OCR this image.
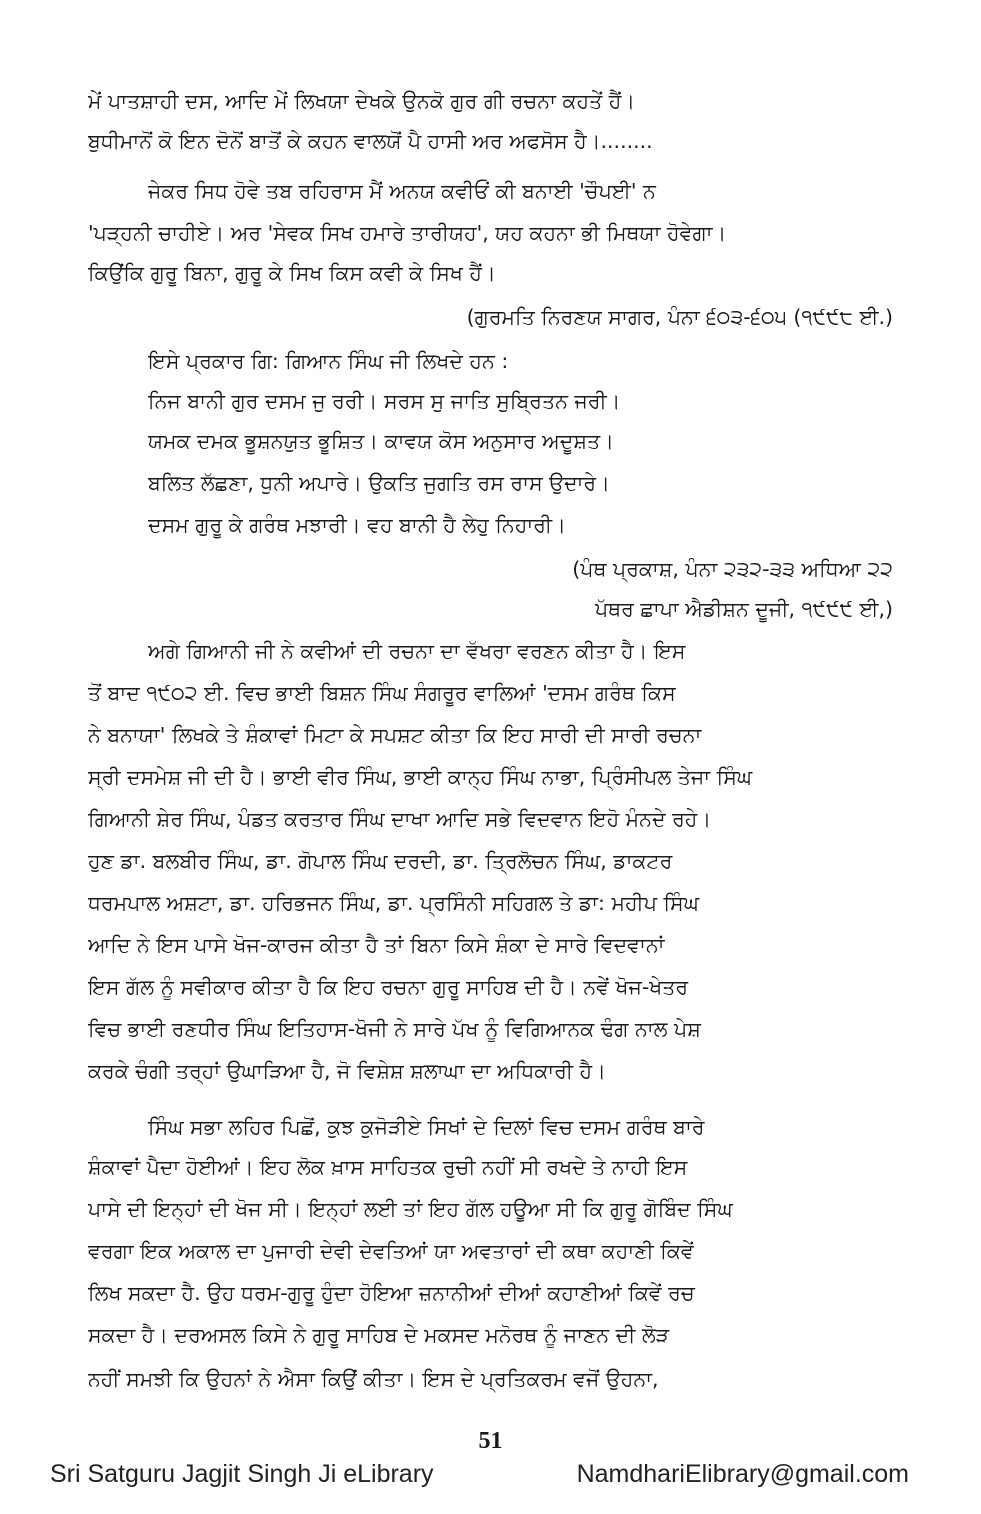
ਮੇਂ ਪਾਤਸ਼ਾਹੀ ਦਸ, ਆਦਿ ਮੇਂ ਲਿਖਯਾ ਦੇਖਕੇ ਉਨਕੋ ਗੁਰ ਗੀ ਰਚਨਾ ਕਹਤੇਂ ਹੈਂ।
ਬੁਧੀਮਾਨੋਂ ਕੋ ਇਨ ਦੋਨੋਂ ਬਾਤੋਂ ਕੇ ਕਹਨ ਵਾਲਯੋਂ ਪੈ ਹਾਸੀ ਅਰ ਅਫਸੋਸ ਹੈ।........
ਜੇਕਰ ਸਿਧ ਹੋਵੇ ਤਬ ਰਹਿਰਾਸ ਮੈਂ ਅਨਯ ਕਵੀਓਂ ਕੀ ਬਨਾਈ 'ਚੌਪਈ' ਨ
'ਪੜ੍ਹਨੀ ਚਾਹੀਏ। ਅਰ 'ਸੇਵਕ ਸਿਖ ਹਮਾਰੇ ਤਾਰੀਯਹ', ਯਹ ਕਹਨਾ ਭੀ ਮਿਥਯਾ ਹੋਵੇਗਾ।
ਕਿਉਂਕਿ ਗੁਰੂ ਬਿਨਾ, ਗੁਰੂ ਕੇ ਸਿਖ ਕਿਸ ਕਵੀ ਕੇ ਸਿਖ ਹੈਂ।
(ਗੁਰਮਤਿ ਨਿਰਣਯ ਸਾਗਰ, ਪੰਨਾ ੬੦੩-੬੦੫ (੧੯੯੮ ਈ.)
ਇਸੇ ਪ੍ਰਕਾਰ ਗਿ: ਗਿਆਨ ਸਿੰਘ ਜੀ ਲਿਖਦੇ ਹਨ :
ਨਿਜ ਬਾਨੀ ਗੁਰ ਦਸਮ ਜੁ ਰਰੀ। ਸਰਸ ਸੁ ਜਾਤਿ ਸੁਬ੍ਰਿਤਨ ਜਰੀ।
ਯਮਕ ਦਮਕ ਭੂਸ਼ਨਯੁਤ ਭੂਸ਼ਿਤ। ਕਾਵਯ ਕੋਸ ਅਨੁਸਾਰ ਅਦੂਸ਼ਤ।
ਬਲਿਤ ਲੱਛਣਾ, ਧੁਨੀ ਅਪਾਰੇ। ਉਕਤਿ ਜੁਗਤਿ ਰਸ ਰਾਸ ਉਦਾਰੇ।
ਦਸਮ ਗੁਰੂ ਕੇ ਗਰੰਥ ਮਝਾਰੀ। ਵਹ ਬਾਨੀ ਹੈ ਲੇਹੁ ਨਿਹਾਰੀ।
(ਪੰਥ ਪ੍ਰਕਾਸ਼, ਪੰਨਾ ੨੩੨-੩੩ ਅਧਿਆ ੨੨
ਪੱਥਰ ਛਾਪਾ ਐਡੀਸ਼ਨ ਦੂਜੀ, ੧੯੯੯ ਈ,)
ਅਗੇ ਗਿਆਨੀ ਜੀ ਨੇ ਕਵੀਆਂ ਦੀ ਰਚਨਾ ਦਾ ਵੱਖਰਾ ਵਰਣਨ ਕੀਤਾ ਹੈ। ਇਸ
ਤੋਂ ਬਾਦ ੧੯੦੨ ਈ. ਵਿਚ ਭਾਈ ਬਿਸ਼ਨ ਸਿੰਘ ਸੰਗਰੂਰ ਵਾਲਿਆਂ 'ਦਸਮ ਗਰੰਥ ਕਿਸ
ਨੇ ਬਨਾਯਾ' ਲਿਖਕੇ ਤੇ ਸ਼ੰਕਾਵਾਂ ਮਿਟਾ ਕੇ ਸਪਸ਼ਟ ਕੀਤਾ ਕਿ ਇਹ ਸਾਰੀ ਦੀ ਸਾਰੀ ਰਚਨਾ
ਸ੍ਰੀ ਦਸਮੇਸ਼ ਜੀ ਦੀ ਹੈ। ਭਾਈ ਵੀਰ ਸਿੰਘ, ਭਾਈ ਕਾਨ੍ਹ ਸਿੰਘ ਨਾਭਾ, ਪ੍ਰਿੰਸੀਪਲ ਤੇਜਾ ਸਿੰਘ
ਗਿਆਨੀ ਸ਼ੇਰ ਸਿੰਘ, ਪੰਡਤ ਕਰਤਾਰ ਸਿੰਘ ਦਾਖਾ ਆਦਿ ਸਭੇ ਵਿਦਵਾਨ ਇਹੋ ਮੰਨਦੇ ਰਹੇ।
ਹੁਣ ਡਾ. ਬਲਬੀਰ ਸਿੰਘ, ਡਾ. ਗੋਪਾਲ ਸਿੰਘ ਦਰਦੀ, ਡਾ. ਤ੍ਰਿਲੋਚਨ ਸਿੰਘ, ਡਾਕਟਰ
ਧਰਮਪਾਲ ਅਸ਼ਟਾ, ਡਾ. ਹਰਿਭਜਨ ਸਿੰਘ, ਡਾ. ਪ੍ਰਸਿੰਨੀ ਸਹਿਗਲ ਤੇ ਡਾ: ਮਹੀਪ ਸਿੰਘ
ਆਦਿ ਨੇ ਇਸ ਪਾਸੇ ਖੋਜ-ਕਾਰਜ ਕੀਤਾ ਹੈ ਤਾਂ ਬਿਨਾ ਕਿਸੇ ਸ਼ੰਕਾ ਦੇ ਸਾਰੇ ਵਿਦਵਾਨਾਂ
ਇਸ ਗੱਲ ਨੂੰ ਸਵੀਕਾਰ ਕੀਤਾ ਹੈ ਕਿ ਇਹ ਰਚਨਾ ਗੁਰੂ ਸਾਹਿਬ ਦੀ ਹੈ। ਨਵੇਂ ਖੋਜ-ਖੇਤਰ
ਵਿਚ ਭਾਈ ਰਣਧੀਰ ਸਿੰਘ ਇਤਿਹਾਸ-ਖੋਜੀ ਨੇ ਸਾਰੇ ਪੱਖ ਨੂੰ ਵਿਗਿਆਨਕ ਢੰਗ ਨਾਲ ਪੇਸ਼
ਕਰਕੇ ਚੰਗੀ ਤਰ੍ਹਾਂ ਉਘਾੜਿਆ ਹੈ, ਜੋ ਵਿਸ਼ੇਸ਼ ਸ਼ਲਾਘਾ ਦਾ ਅਧਿਕਾਰੀ ਹੈ।
ਸਿੰਘ ਸਭਾ ਲਹਿਰ ਪਿਛੋਂ, ਕੁਝ ਕੁਜੋੜੀਏ ਸਿਖਾਂ ਦੇ ਦਿਲਾਂ ਵਿਚ ਦਸਮ ਗਰੰਥ ਬਾਰੇ
ਸ਼ੰਕਾਵਾਂ ਪੈਦਾ ਹੋਈਆਂ। ਇਹ ਲੋਕ ਖ਼ਾਸ ਸਾਹਿਤਕ ਰੁਚੀ ਨਹੀਂ ਸੀ ਰਖਦੇ ਤੇ ਨਾਹੀ ਇਸ
ਪਾਸੇ ਦੀ ਇਨ੍ਹਾਂ ਦੀ ਖੋਜ ਸੀ। ਇਨ੍ਹਾਂ ਲਈ ਤਾਂ ਇਹ ਗੱਲ ਹਊਆ ਸੀ ਕਿ ਗੁਰੂ ਗੋਬਿੰਦ ਸਿੰਘ
ਵਰਗਾ ਇਕ ਅਕਾਲ ਦਾ ਪੁਜਾਰੀ ਦੇਵੀ ਦੇਵਤਿਆਂ ਯਾ ਅਵਤਾਰਾਂ ਦੀ ਕਥਾ ਕਹਾਣੀ ਕਿਵੇਂ
ਲਿਖ ਸਕਦਾ ਹੈ. ਉਹ ਧਰਮ-ਗੁਰੂ ਹੁੰਦਾ ਹੋਇਆ ਜ਼ਨਾਨੀਆਂ ਦੀਆਂ ਕਹਾਣੀਆਂ ਕਿਵੇਂ ਰਚ
ਸਕਦਾ ਹੈ। ਦਰਅਸਲ ਕਿਸੇ ਨੇ ਗੁਰੂ ਸਾਹਿਬ ਦੇ ਮਕਸਦ ਮਨੋਰਥ ਨੂੰ ਜਾਣਨ ਦੀ ਲੋੜ
ਨਹੀਂ ਸਮਝੀ ਕਿ ਉਹਨਾਂ ਨੇ ਐਸਾ ਕਿਉਂ ਕੀਤਾ। ਇਸ ਦੇ ਪ੍ਰਤਿਕਰਮ ਵਜੋਂ ਉਹਨਾ,
51
Sri Satguru Jagjit Singh Ji eLibrary	NamdhariElibrary@gmail.com
